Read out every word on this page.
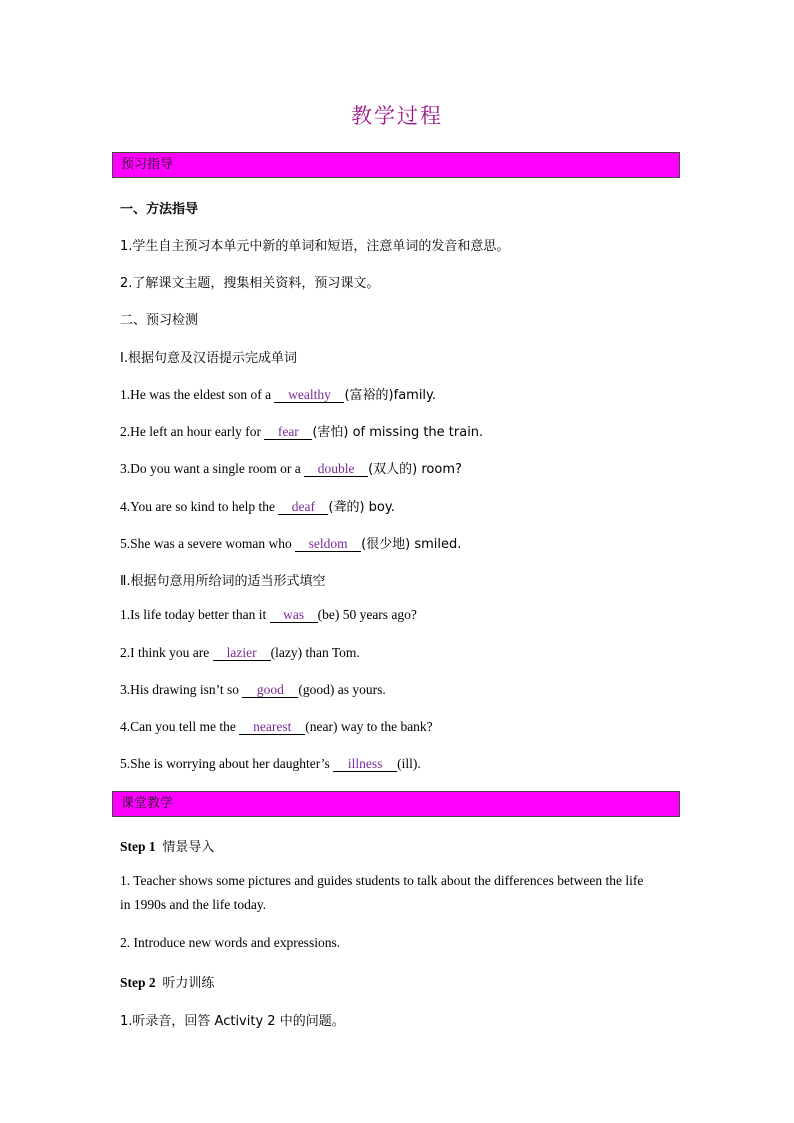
教学过程
预习指导
一、方法指导
1.学生自主预习本单元中新的单词和短语，注意单词的发音和意思。
2.了解课文主题，搜集相关资料，预习课文。
二、预习检测
Ⅰ.根据句意及汉语提示完成单词
1.He was the eldest son of a wealthy (富裕的)family.
2.He left an hour early for fear (害怕) of missing the train.
3.Do you want a single room or a double (双人的) room?
4.You are so kind to help the deaf (聋的) boy.
5.She was a severe woman who seldom (很少地) smiled.
Ⅱ.根据句意用所给词的适当形式填空
1.Is life today better than it was (be) 50 years ago?
2.I think you are lazier (lazy) than Tom.
3.His drawing isn’t so good (good) as yours.
4.Can you tell me the nearest (near) way to the bank?
5.She is worrying about her daughter’s illness (ill).
课堂教学
Step 1 情景导入
1. Teacher shows some pictures and guides students to talk about the differences between the life
in 1990s and the life today.
2. Introduce new words and expressions.
Step 2 听力训练
1.听录音，回答 Activity 2 中的问题。
